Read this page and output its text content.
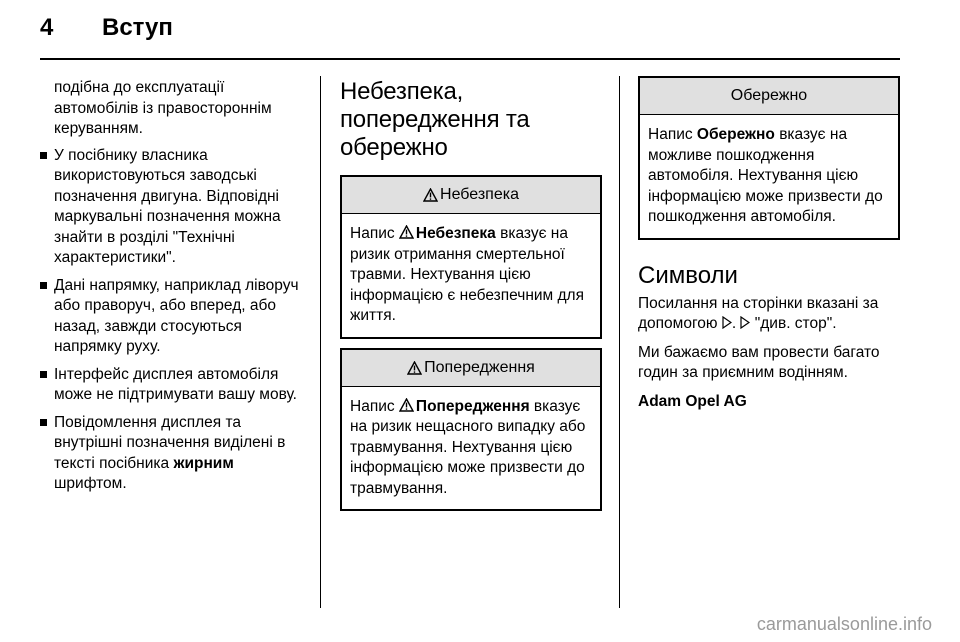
4 Вступ
подібна до експлуатації автомобілів із правостороннім керуванням.
У посібнику власника використовуються заводські позначення двигуна. Відповідні маркувальні позначення можна знайти в розділі "Технічні характеристики".
Дані напрямку, наприклад ліворуч або праворуч, або вперед, або назад, завжди стосуються напрямку руху.
Інтерфейс дисплея автомобіля може не підтримувати вашу мову.
Повідомлення дисплея та внутрішні позначення виділені в тексті посібника жирним шрифтом.
Небезпека, попередження та обережно
Небезпека
Напис Небезпека вказує на ризик отримання смертельної травми. Нехтування цією інформацією є небезпечним для життя.
Попередження
Напис Попередження вказує на ризик нещасного випадку або травмування. Нехтування цією інформацією може призвести до травмування.
Обережно
Напис Обережно вказує на можливе пошкодження автомобіля. Нехтування цією інформацією може призвести до пошкодження автомобіля.
Символи

Посилання на сторінки вказані за допомогою .  "див. стор".

Ми бажаємо вам провести багато годин за приємним водінням.

Adam Opel AG

carmanualsonline.info
